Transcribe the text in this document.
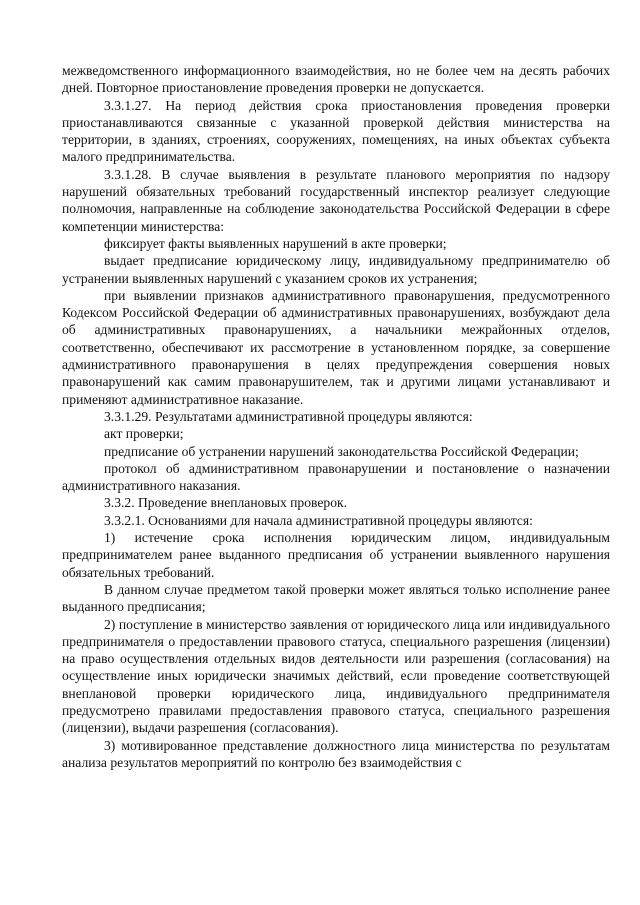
межведомственного информационного взаимодействия, но не более чем на десять рабочих дней. Повторное приостановление проведения проверки не допускается.

3.3.1.27. На период действия срока приостановления проведения проверки приостанавливаются связанные с указанной проверкой действия министерства на территории, в зданиях, строениях, сооружениях, помещениях, на иных объектах субъекта малого предпринимательства.

3.3.1.28. В случае выявления в результате планового мероприятия по надзору нарушений обязательных требований государственный инспектор реализует следующие полномочия, направленные на соблюдение законодательства Российской Федерации в сфере компетенции министерства:

фиксирует факты выявленных нарушений в акте проверки;

выдает предписание юридическому лицу, индивидуальному предпринимателю об устранении выявленных нарушений с указанием сроков их устранения;

при выявлении признаков административного правонарушения, предусмотренного Кодексом Российской Федерации об административных правонарушениях, возбуждают дела об административных правонарушениях, а начальники межрайонных отделов, соответственно, обеспечивают их рассмотрение в установленном порядке, за совершение административного правонарушения в целях предупреждения совершения новых правонарушений как самим правонарушителем, так и другими лицами устанавливают и применяют административное наказание.

3.3.1.29. Результатами административной процедуры являются:

акт проверки;

предписание об устранении нарушений законодательства Российской Федерации;

протокол об административном правонарушении и постановление о назначении административного наказания.

3.3.2. Проведение внеплановых проверок.

3.3.2.1. Основаниями для начала административной процедуры являются:

1) истечение срока исполнения юридическим лицом, индивидуальным предпринимателем ранее выданного предписания об устранении выявленного нарушения обязательных требований.

В данном случае предметом такой проверки может являться только исполнение ранее выданного предписания;

2) поступление в министерство заявления от юридического лица или индивидуального предпринимателя о предоставлении правового статуса, специального разрешения (лицензии) на право осуществления отдельных видов деятельности или разрешения (согласования) на осуществление иных юридически значимых действий, если проведение соответствующей внеплановой проверки юридического лица, индивидуального предпринимателя предусмотрено правилами предоставления правового статуса, специального разрешения (лицензии), выдачи разрешения (согласования).

3) мотивированное представление должностного лица министерства по результатам анализа результатов мероприятий по контролю без взаимодействия с
